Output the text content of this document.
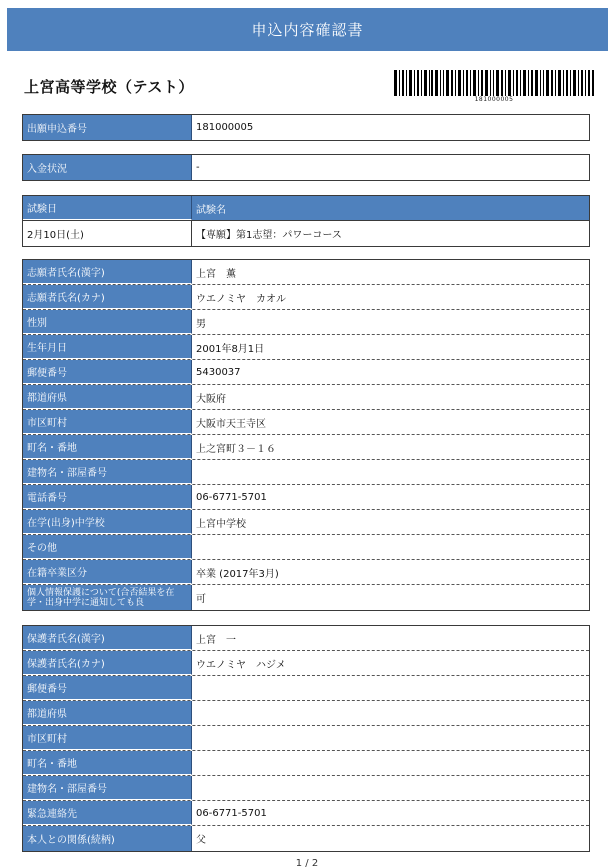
申込内容確認書
上宮高等学校（テスト）
181000005
出願申込番号	181000005
入金状況	-
試験日	試験名
2月10日(土)	【専願】第1志望：パワーコース
志願者氏名(漢字)	上宮　薫
志願者氏名(カナ)	ウエノミヤ　カオル
性別	男
生年月日	2001年8月1日
郵便番号	5430037
都道府県	大阪府
市区町村	大阪市天王寺区
町名・番地	上之宮町３－１６
建物名・部屋番号
電話番号	06-6771-5701
在学(出身)中学校	上宮中学校
その他
在籍卒業区分	卒業 (2017年3月)
個人情報保護について(合否結果を在学・出身中学に通知しても良	可
保護者氏名(漢字)	上宮　一
保護者氏名(カナ)	ウエノミヤ　ハジメ
郵便番号
都道府県
市区町村
町名・番地
建物名・部屋番号
緊急連絡先	06-6771-5701
本人との関係(続柄)	父
1 / 2
